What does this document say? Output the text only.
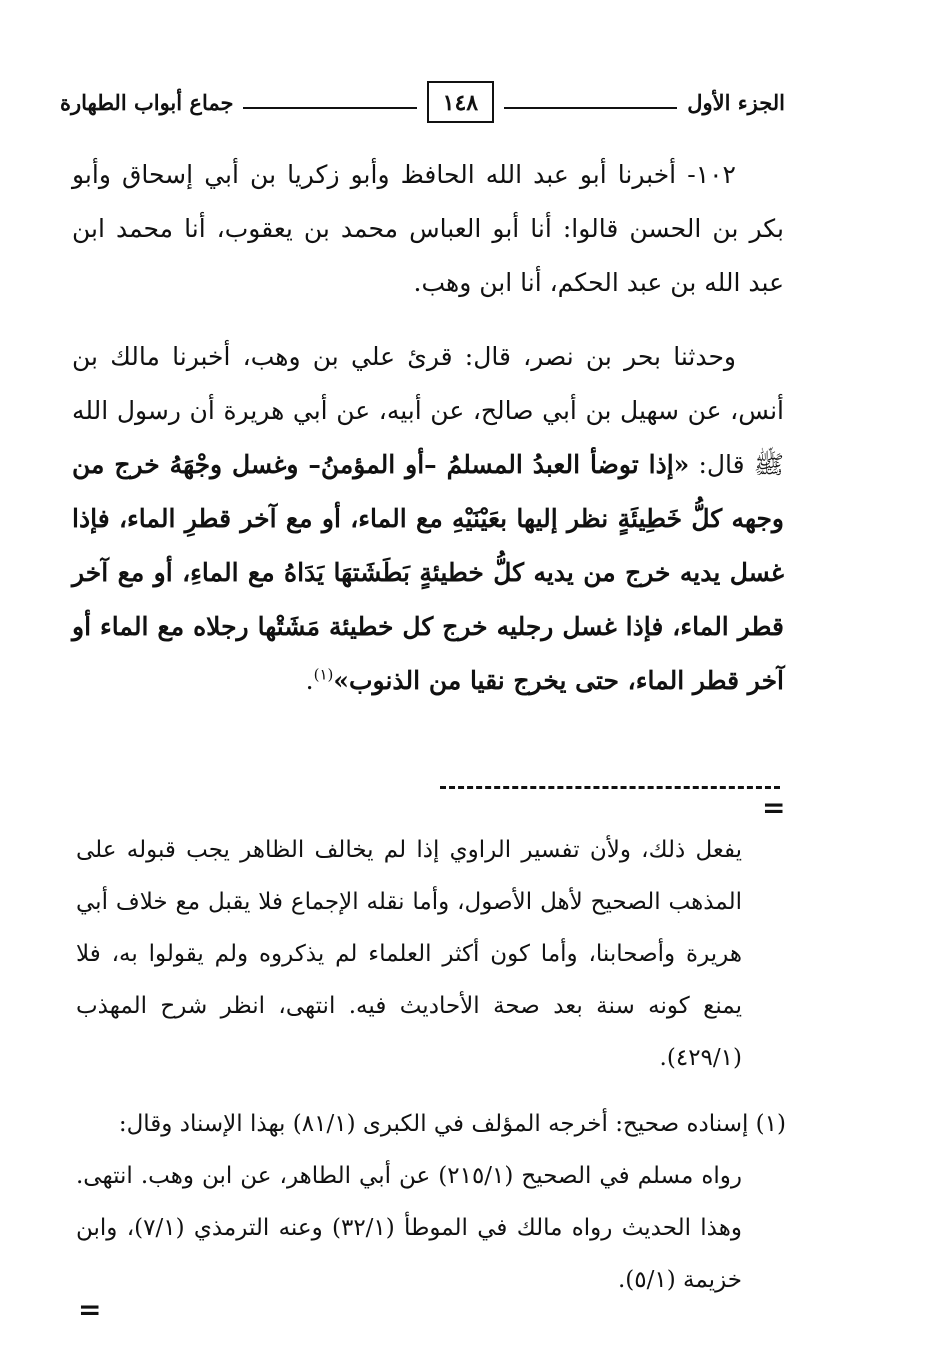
الجزء الأول
١٤٨
جماع أبواب الطهارة

١٠٢- أخبرنا أبو عبد الله الحافظ وأبو زكريا بن أبي إسحاق وأبو بكر بن الحسن قالوا: أنا أبو العباس محمد بن يعقوب، أنا محمد ابن عبد الله بن عبد الحكم، أنا ابن وهب.

وحدثنا بحر بن نصر، قال: قرئ علي بن وهب، أخبرنا مالك بن أنس، عن سهيل بن أبي صالح، عن أبيه، عن أبي هريرة أن رسول الله ﷺ قال: «إذا توضأ العبدُ المسلمُ –أو المؤمنُ– وغسل وجْهَهُ خرج من وجهه كلُّ خَطِيئَةٍ نظر إليها بعَيْنَيْهِ مع الماء، أو مع آخر قطرِ الماء، فإذا غسل يديه خرج من يديه كلُّ خطيئةٍ بَطَشَتهَا يَدَاهُ مع الماءِ، أو مع آخر قطر الماء، فإذا غسل رجليه خرج كل خطيئة مَشَتْها رجلاه مع الماء أو آخر قطر الماء، حتى يخرج نقيا من الذنوب»$^{(١)}$.

=

يفعل ذلك، ولأن تفسير الراوي إذا لم يخالف الظاهر يجب قبوله على المذهب الصحيح لأهل الأصول، وأما نقله الإجماع فلا يقبل مع خلاف أبي هريرة وأصحابنا، وأما كون أكثر العلماء لم يذكروه ولم يقولوا به، فلا يمنع كونه سنة بعد صحة الأحاديث فيه. انتهى، انظر شرح المهذب (٤٢٩/١).

(١) إسناده صحيح: أخرجه المؤلف في الكبرى (٨١/١) بهذا الإسناد وقال:

رواه مسلم في الصحيح (٢١٥/١) عن أبي الطاهر، عن ابن وهب. انتهى. وهذا الحديث رواه مالك في الموطأ (٣٢/١) وعنه الترمذي (٧/١)، وابن خزيمة (٥/١).

=
